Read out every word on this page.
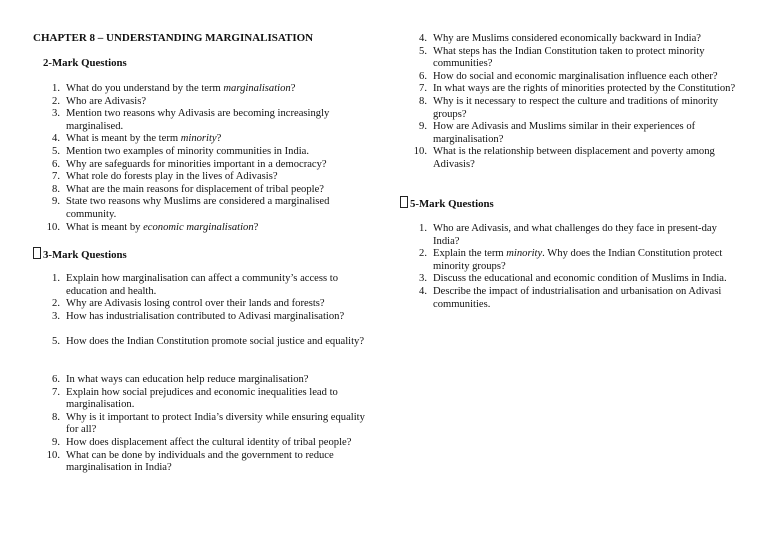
CHAPTER 8 – UNDERSTANDING MARGINALISATION
2-Mark Questions
1. What do you understand by the term marginalisation?
2. Who are Adivasis?
3. Mention two reasons why Adivasis are becoming increasingly marginalised.
4. What is meant by the term minority?
5. Mention two examples of minority communities in India.
6. Why are safeguards for minorities important in a democracy?
7. What role do forests play in the lives of Adivasis?
8. What are the main reasons for displacement of tribal people?
9. State two reasons why Muslims are considered a marginalised community.
10. What is meant by economic marginalisation?
3-Mark Questions
1. Explain how marginalisation can affect a community’s access to education and health.
2. Why are Adivasis losing control over their lands and forests?
3. How has industrialisation contributed to Adivasi marginalisation?
5. How does the Indian Constitution promote social justice and equality?
6. In what ways can education help reduce marginalisation?
7. Explain how social prejudices and economic inequalities lead to marginalisation.
8. Why is it important to protect India’s diversity while ensuring equality for all?
9. How does displacement affect the cultural identity of tribal people?
10. What can be done by individuals and the government to reduce marginalisation in India?
4. Why are Muslims considered economically backward in India?
5. What steps has the Indian Constitution taken to protect minority communities?
6. How do social and economic marginalisation influence each other?
7. In what ways are the rights of minorities protected by the Constitution?
8. Why is it necessary to respect the culture and traditions of minority groups?
9. How are Adivasis and Muslims similar in their experiences of marginalisation?
10. What is the relationship between displacement and poverty among Adivasis?
5-Mark Questions
1. Who are Adivasis, and what challenges do they face in present-day India?
2. Explain the term minority. Why does the Indian Constitution protect minority groups?
3. Discuss the educational and economic condition of Muslims in India.
4. Describe the impact of industrialisation and urbanisation on Adivasi communities.
